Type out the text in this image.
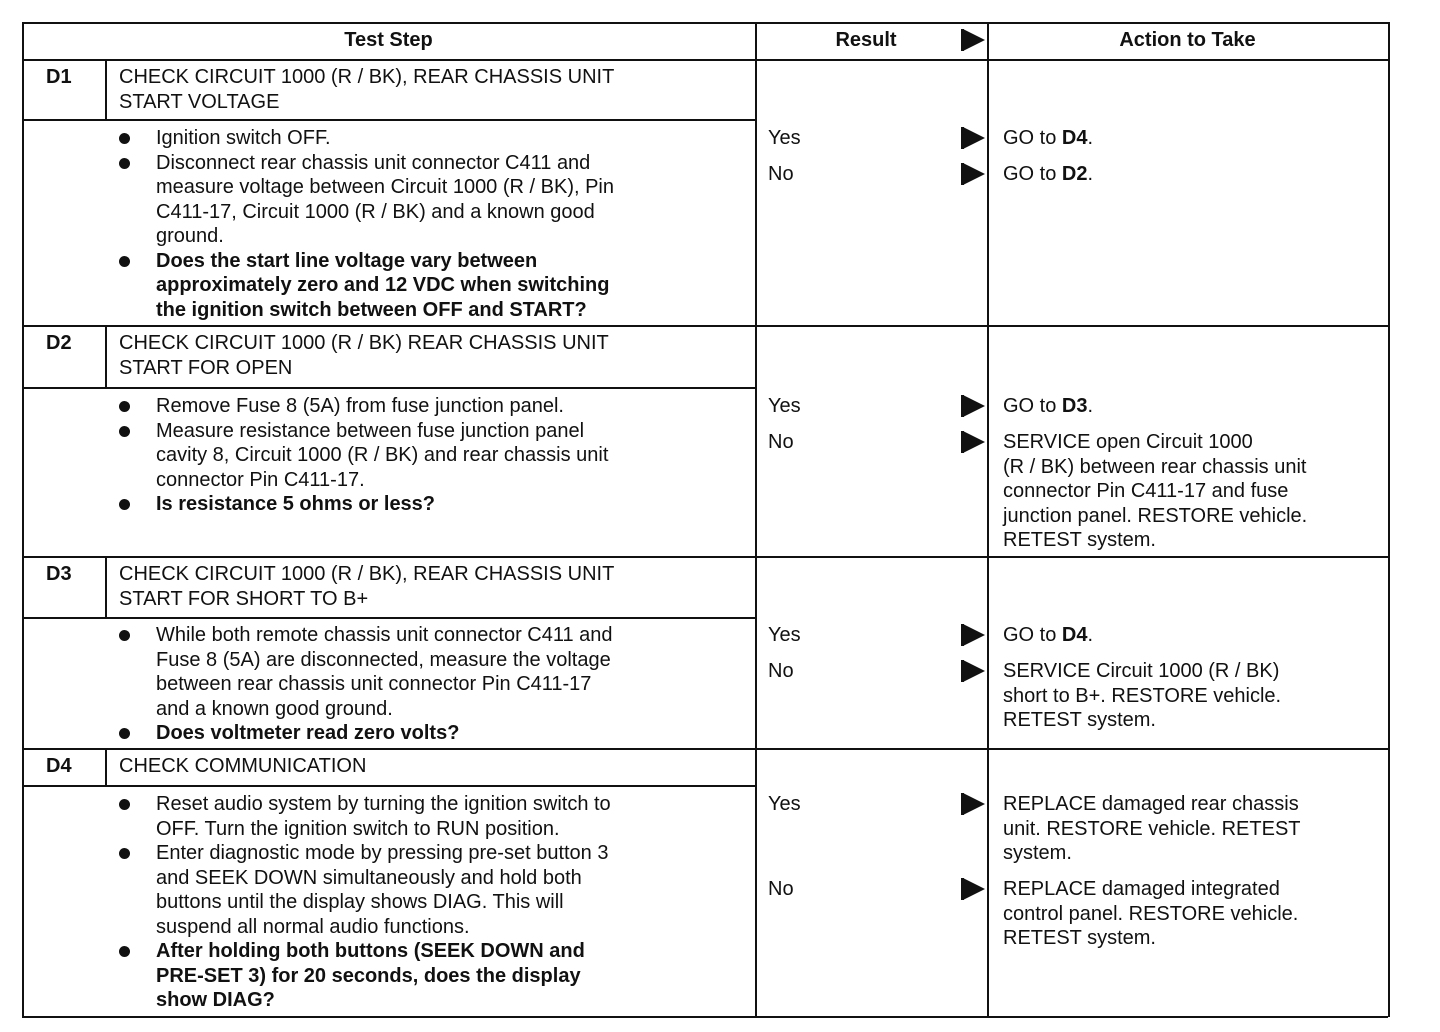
Test Step	Result	Action to Take
D1 CHECK CIRCUIT 1000 (R / BK), REAR CHASSIS UNIT
START VOLTAGE
Ignition switch OFF.
Disconnect rear chassis unit connector C411 and
measure voltage between Circuit 1000 (R / BK), Pin
C411-17, Circuit 1000 (R / BK) and a known good
ground.
Does the start line voltage vary between
approximately zero and 12 VDC when switching
the ignition switch between OFF and START?
Yes	GO to D4.
No	GO to D2.
D2 CHECK CIRCUIT 1000 (R / BK) REAR CHASSIS UNIT
START FOR OPEN
Remove Fuse 8 (5A) from fuse junction panel.
Measure resistance between fuse junction panel
cavity 8, Circuit 1000 (R / BK) and rear chassis unit
connector Pin C411-17.
Is resistance 5 ohms or less?
Yes	GO to D3.
No	SERVICE open Circuit 1000
(R / BK) between rear chassis unit
connector Pin C411-17 and fuse
junction panel. RESTORE vehicle.
RETEST system.
D3 CHECK CIRCUIT 1000 (R / BK), REAR CHASSIS UNIT
START FOR SHORT TO B+
While both remote chassis unit connector C411 and
Fuse 8 (5A) are disconnected, measure the voltage
between rear chassis unit connector Pin C411-17
and a known good ground.
Does voltmeter read zero volts?
Yes	GO to D4.
No	SERVICE Circuit 1000 (R / BK)
short to B+. RESTORE vehicle.
RETEST system.
D4 CHECK COMMUNICATION
Reset audio system by turning the ignition switch to
OFF. Turn the ignition switch to RUN position.
Enter diagnostic mode by pressing pre-set button 3
and SEEK DOWN simultaneously and hold both
buttons until the display shows DIAG. This will
suspend all normal audio functions.
After holding both buttons (SEEK DOWN and
PRE-SET 3) for 20 seconds, does the display
show DIAG?
Yes	REPLACE damaged rear chassis
unit. RESTORE vehicle. RETEST
system.
No	REPLACE damaged integrated
control panel. RESTORE vehicle.
RETEST system.
